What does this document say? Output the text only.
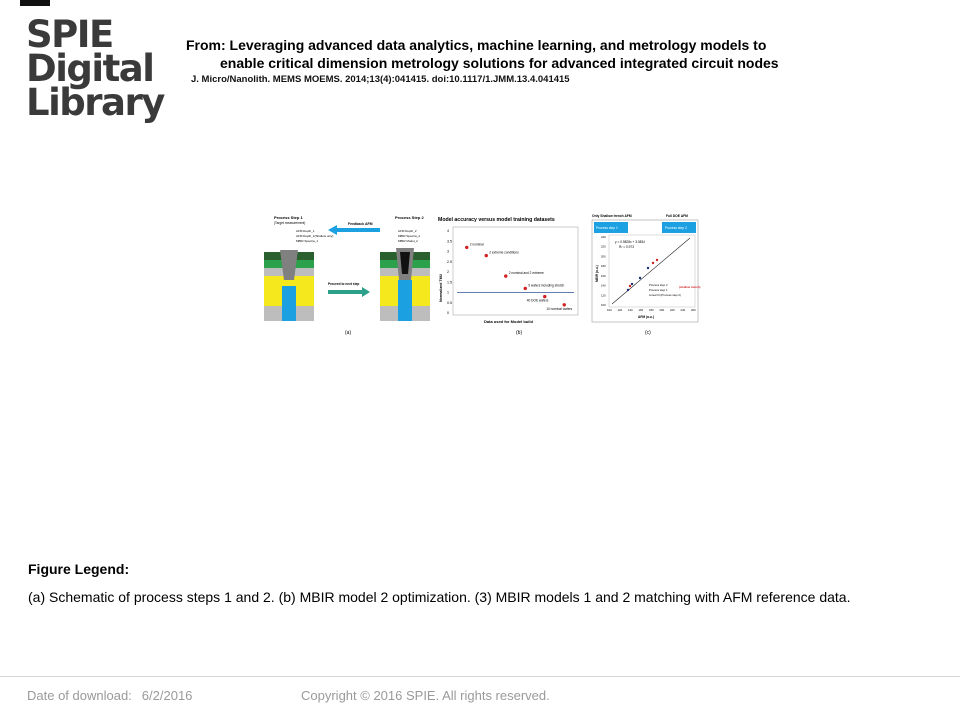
SPIE
Digital
Library
From: Leveraging advanced data analytics, machine learning, and metrology models to
enable critical dimension metrology solutions for advanced integrated circuit nodes
J. Micro/Nanolith. MEMS MOEMS. 2014;13(4):041415. doi:10.1117/1.JMM.13.4.041415
Process Step 1
(Target measurement)
Process Step 2
Feedback AFM
AFM Depth_1
AFM Depth_1(Shallow only)
MBIR Spectra_1
AFM Depth_2
MBIR Spectra_2
MBIR Model_2
Proceed to next step
(a)
Model accuracy versus model training datasets
Normalized TMU
Data used for Model build
4
3.5
3
2.5
2
1.5
1
0.5
0
2 nominal
2 extreme conditions
2 nominal and 2 extreme
5 wafers including stretch
40 DOE wafers
10 nominal wafers
(b)
Only Shallow trench AFM	Full DOE AFM
Process step 1	Process step 2
y = 0.9828x + 3.0834
R² = 0.973
MBIR (a.u.)
AFM (a.u.)
240
220
200
180
160
140
120
100
100 120 140 160 180 200 220 240 260
Process step 2
Process step 1
Linear fit (Process step 2)
(shallow trench)
(c)
Figure Legend:
(a) Schematic of process steps 1 and 2. (b) MBIR model 2 optimization. (3) MBIR models 1 and 2 matching with AFM reference data.
Date of download: 6/2/2016	Copyright © 2016 SPIE. All rights reserved.
